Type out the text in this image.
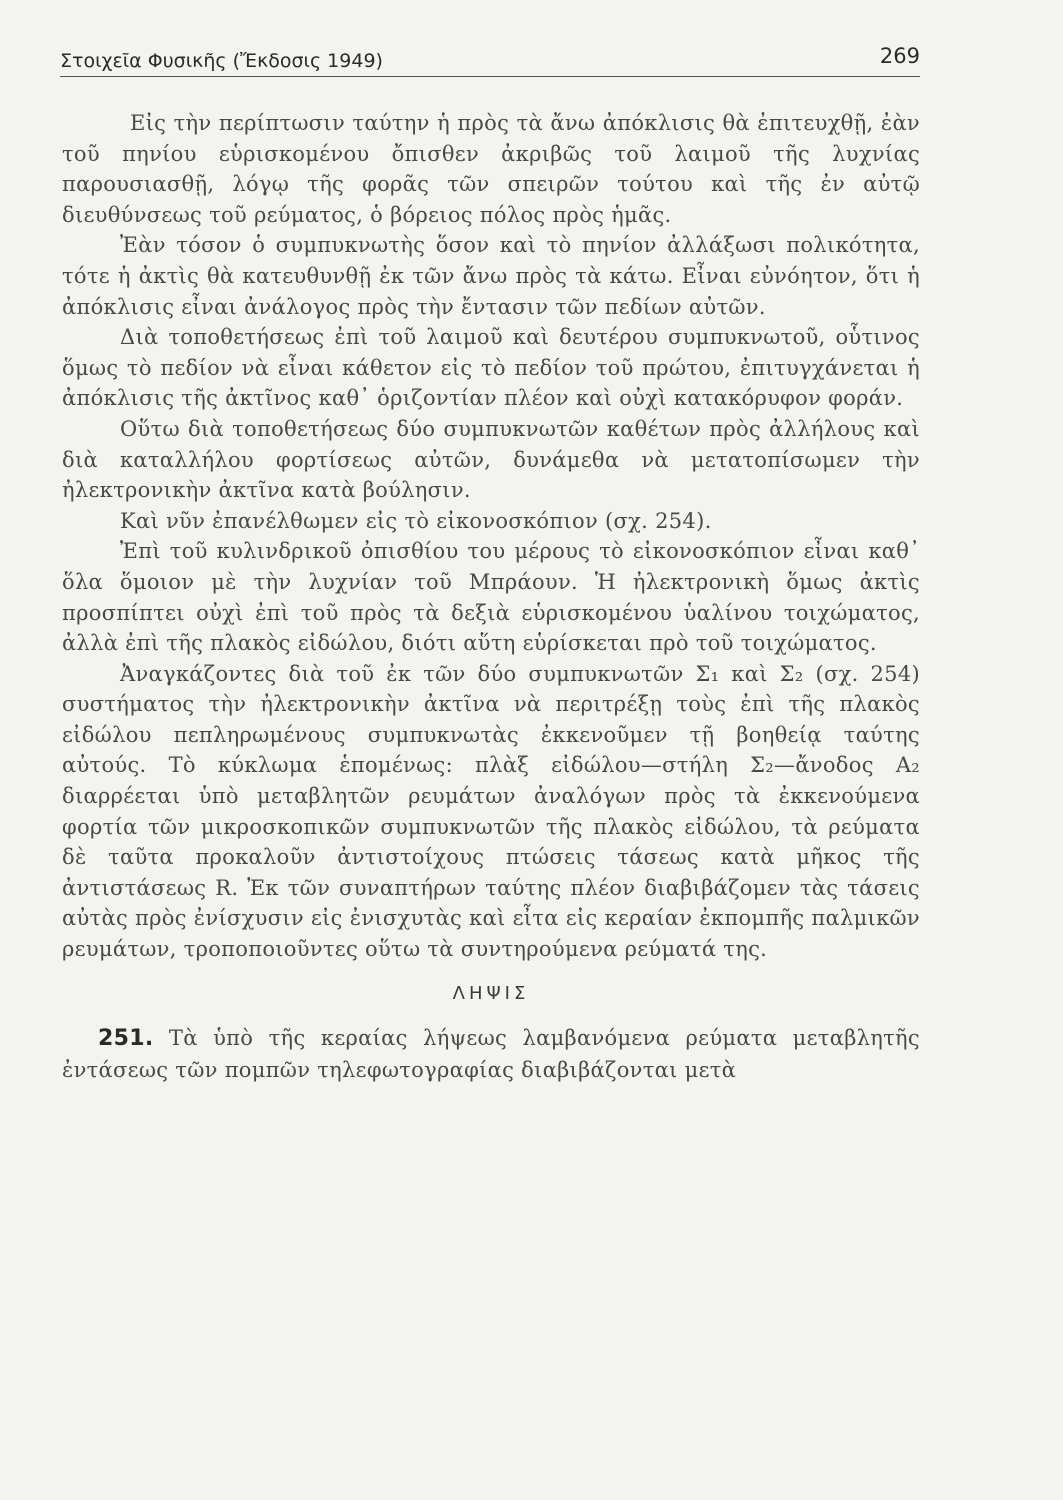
Στοιχεῖα Φυσικῆς (Ἔκδοσις 1949)	269

Εἰς τὴν περίπτωσιν ταύτην ἡ πρὸς τὰ ἄνω ἀπόκλισις θὰ ἐπιτευχθῇ, ἐὰν τοῦ πηνίου εὑρισκομένου ὄπισθεν ἀκριβῶς τοῦ λαιμοῦ τῆς λυχνίας παρουσιασθῇ, λόγῳ τῆς φορᾶς τῶν σπειρῶν τούτου καὶ τῆς ἐν αὐτῷ διευθύνσεως τοῦ ρεύματος, ὁ βόρειος πόλος πρὸς ἡμᾶς.

Ἐὰν τόσον ὁ συμπυκνωτὴς ὅσον καὶ τὸ πηνίον ἀλλάξωσι πολικότητα, τότε ἡ ἀκτὶς θὰ κατευθυνθῇ ἐκ τῶν ἄνω πρὸς τὰ κάτω. Εἶναι εὐνόητον, ὅτι ἡ ἀπόκλισις εἶναι ἀνάλογος πρὸς τὴν ἔντασιν τῶν πεδίων αὐτῶν.

Διὰ τοποθετήσεως ἐπὶ τοῦ λαιμοῦ καὶ δευτέρου συμπυκνωτοῦ, οὗτινος ὅμως τὸ πεδίον νὰ εἶναι κάθετον εἰς τὸ πεδίον τοῦ πρώτου, ἐπιτυγχάνεται ἡ ἀπόκλισις τῆς ἀκτῖνος καθ᾽ ὁριζοντίαν πλέον καὶ οὐχὶ κατακόρυφον φοράν.

Οὕτω διὰ τοποθετήσεως δύο συμπυκνωτῶν καθέτων πρὸς ἀλλήλους καὶ διὰ καταλλήλου φορτίσεως αὐτῶν, δυνάμεθα νὰ μετατοπίσωμεν τὴν ἠλεκτρονικὴν ἀκτῖνα κατὰ βούλησιν.

Καὶ νῦν ἐπανέλθωμεν εἰς τὸ εἰκονοσκόπιον (σχ. 254).

Ἐπὶ τοῦ κυλινδρικοῦ ὀπισθίου του μέρους τὸ εἰκονοσκόπιον εἶναι καθ᾽ ὅλα ὅμοιον μὲ τὴν λυχνίαν τοῦ Μπράουν. Ἡ ἠλεκτρονικὴ ὅμως ἀκτὶς προσπίπτει οὐχὶ ἐπὶ τοῦ πρὸς τὰ δεξιὰ εὑρισκομένου ὑαλίνου τοιχώματος, ἀλλὰ ἐπὶ τῆς πλακὸς εἰδώλου, διότι αὕτη εὑρίσκεται πρὸ τοῦ τοιχώματος.

Ἀναγκάζοντες διὰ τοῦ ἐκ τῶν δύο συμπυκνωτῶν Σ₁ καὶ Σ₂ (σχ. 254) συστήματος τὴν ἠλεκτρονικὴν ἀκτῖνα νὰ περιτρέξῃ τοὺς ἐπὶ τῆς πλακὸς εἰδώλου πεπληρωμένους συμπυκνωτὰς ἐκκενοῦμεν τῇ βοηθείᾳ ταύτης αὐτούς. Τὸ κύκλωμα ἑπομένως: πλὰξ εἰδώλου—στήλη Σ₂—ἄνοδος Α₂ διαρρέεται ὑπὸ μεταβλητῶν ρευμάτων ἀναλόγων πρὸς τὰ ἐκκενούμενα φορτία τῶν μικροσκοπικῶν συμπυκνωτῶν τῆς πλακὸς εἰδώλου, τὰ ρεύματα δὲ ταῦτα προκαλοῦν ἀντιστοίχους πτώσεις τάσεως κατὰ μῆκος τῆς ἀντιστάσεως R. Ἐκ τῶν συναπτήρων ταύτης πλέον διαβιβάζομεν τὰς τάσεις αὐτὰς πρὸς ἐνίσχυσιν εἰς ἐνισχυτὰς καὶ εἶτα εἰς κεραίαν ἐκπομπῆς παλμικῶν ρευμάτων, τροποποιοῦντες οὕτω τὰ συντηρούμενα ρεύματά της.

ΛΗΨΙΣ

251. Τὰ ὑπὸ τῆς κεραίας λήψεως λαμβανόμενα ρεύματα μεταβλητῆς ἐντάσεως τῶν πομπῶν τηλεφωτογραφίας διαβιβάζονται μετὰ
